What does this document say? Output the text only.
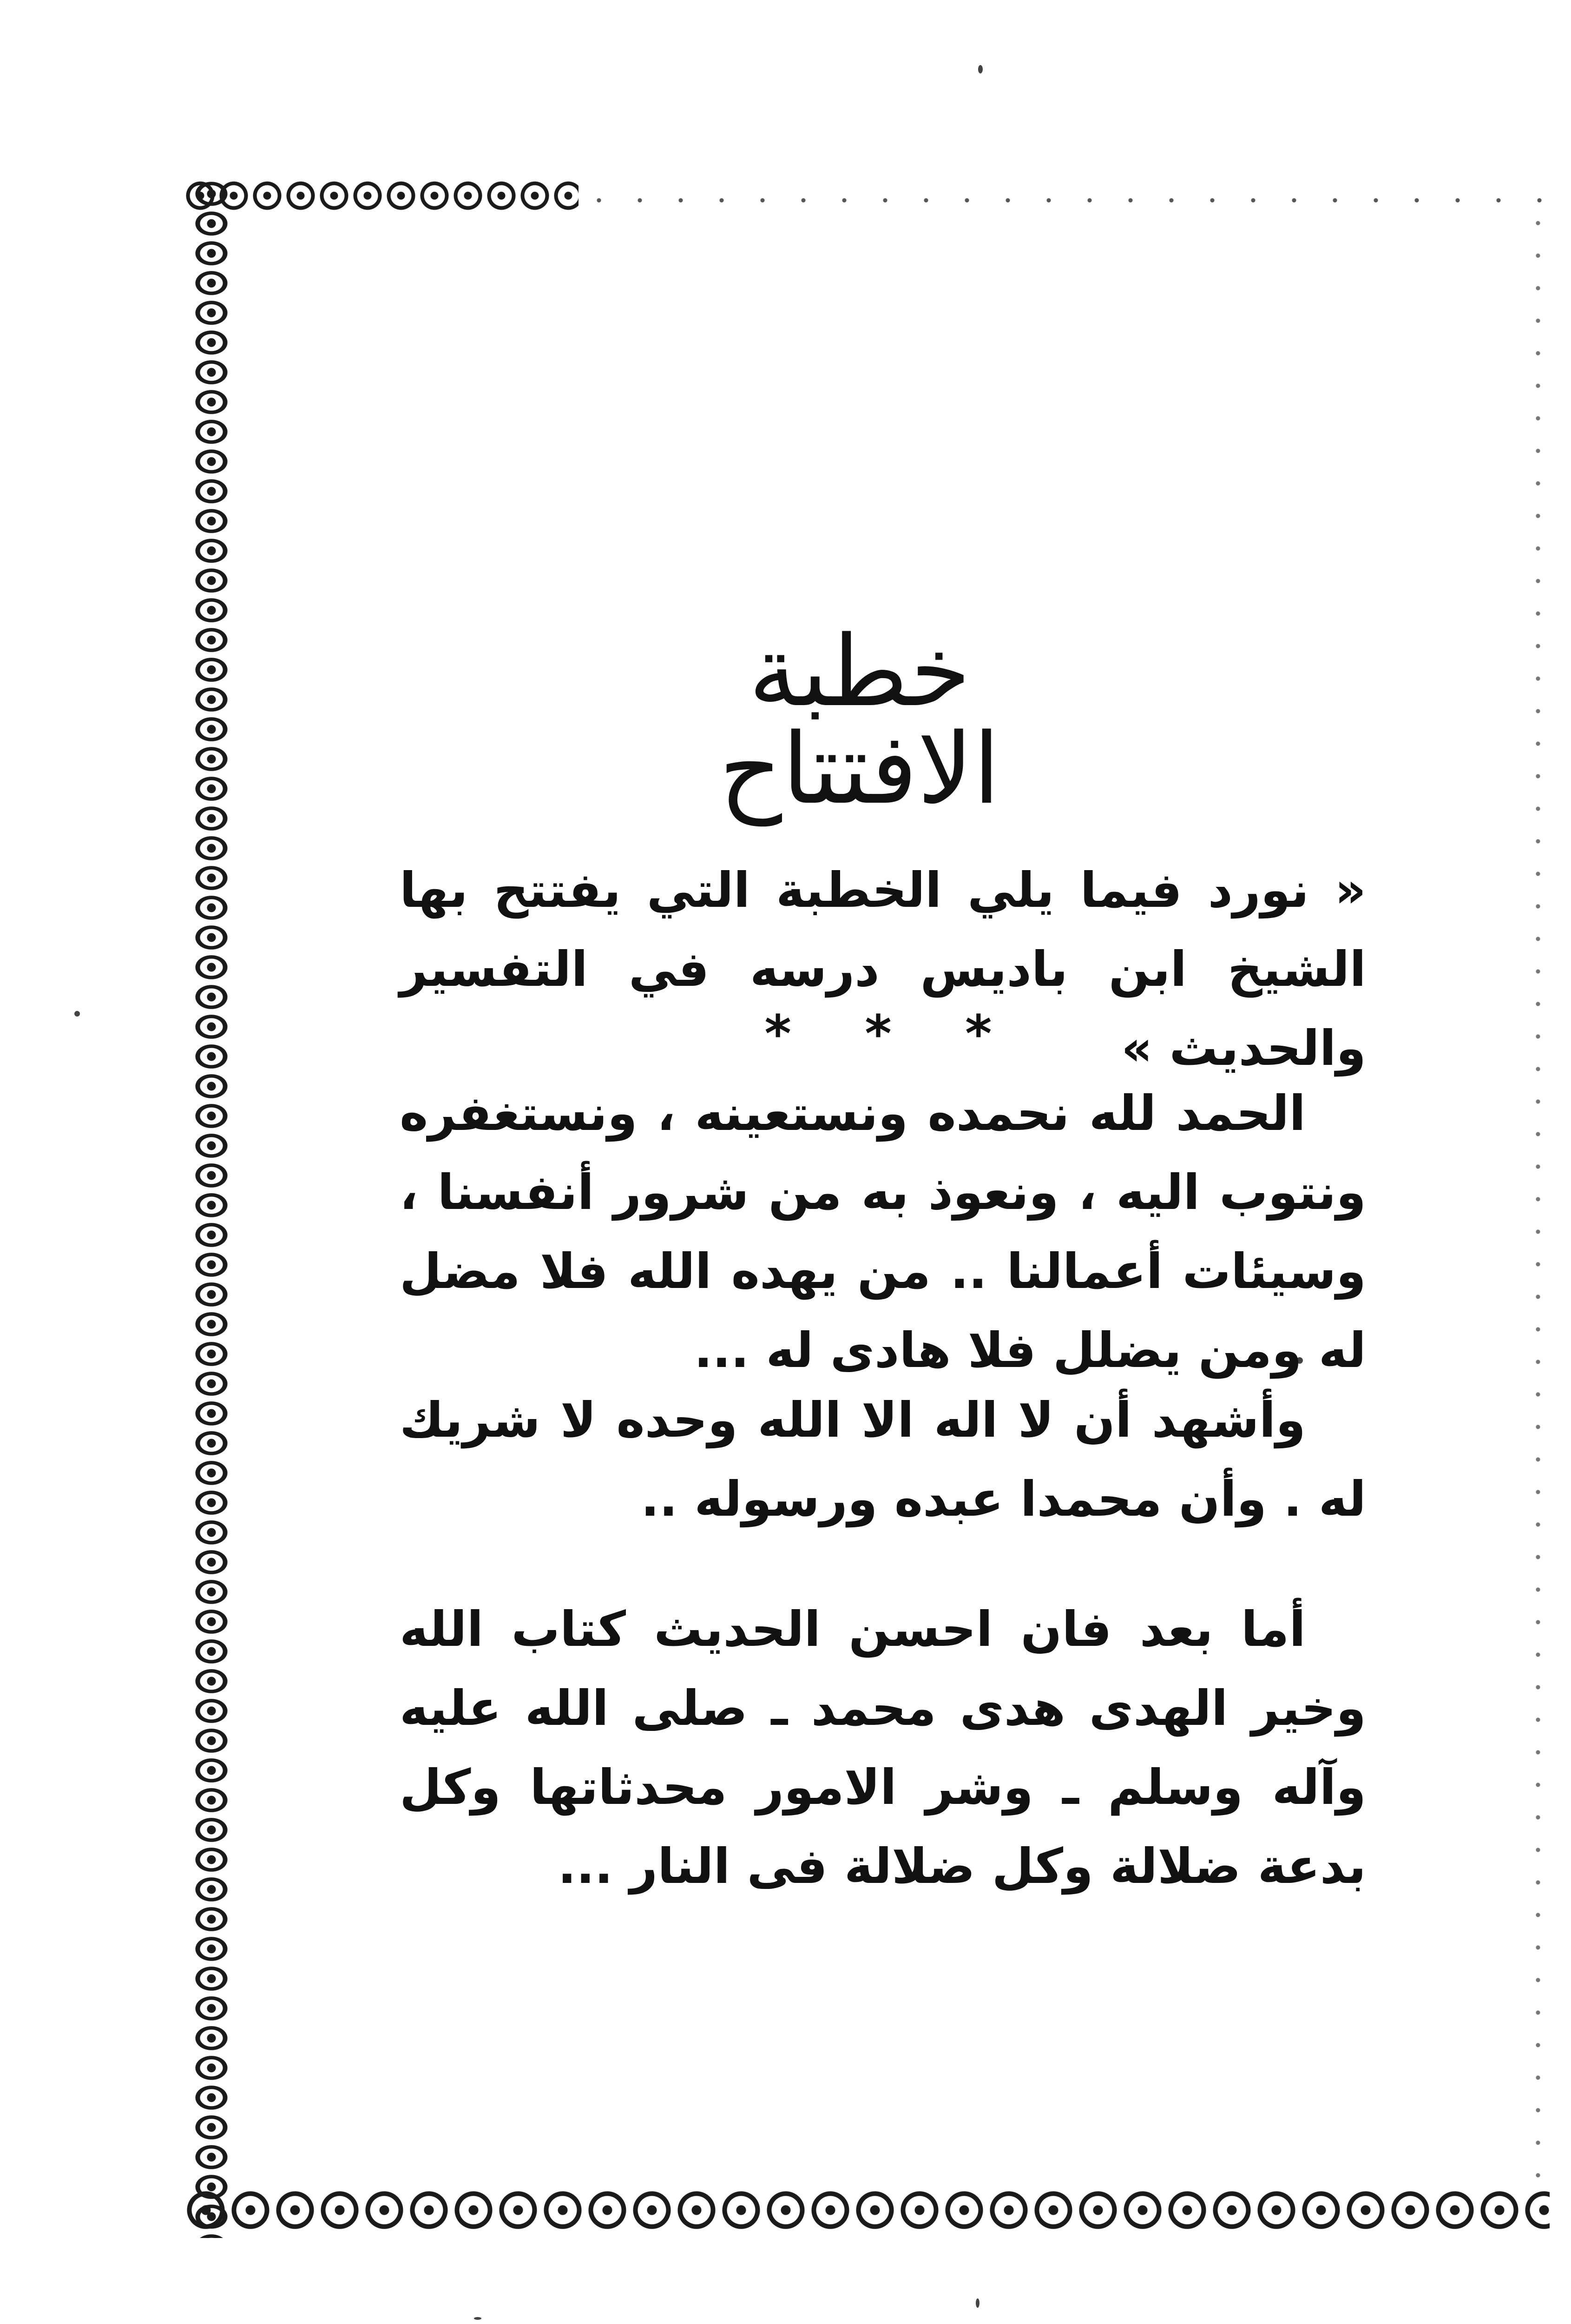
خطبة الافتتاح

« نورد فيما يلي الخطبة التي يفتتح بها الشيخ ابن باديس درسه في التفسير والحديث »

* * *

الحمد لله نحمده ونستعينه ، ونستغفره ونتوب اليه ، ونعوذ به من شرور أنفسنا ، وسيئات أعمالنا .. من يهده الله فلا مضل له ومن يضلل فلا هادى له ...

وأشهد أن لا اله الا الله وحده لا شريك له . وأن محمدا عبده ورسوله ..

أما بعد فان احسن الحديث كتاب الله وخير الهدى هدى محمد ـ صلى الله عليه وآله وسلم ـ وشر الامور محدثاتها وكل بدعة ضلالة وكل ضلالة فى النار ...
